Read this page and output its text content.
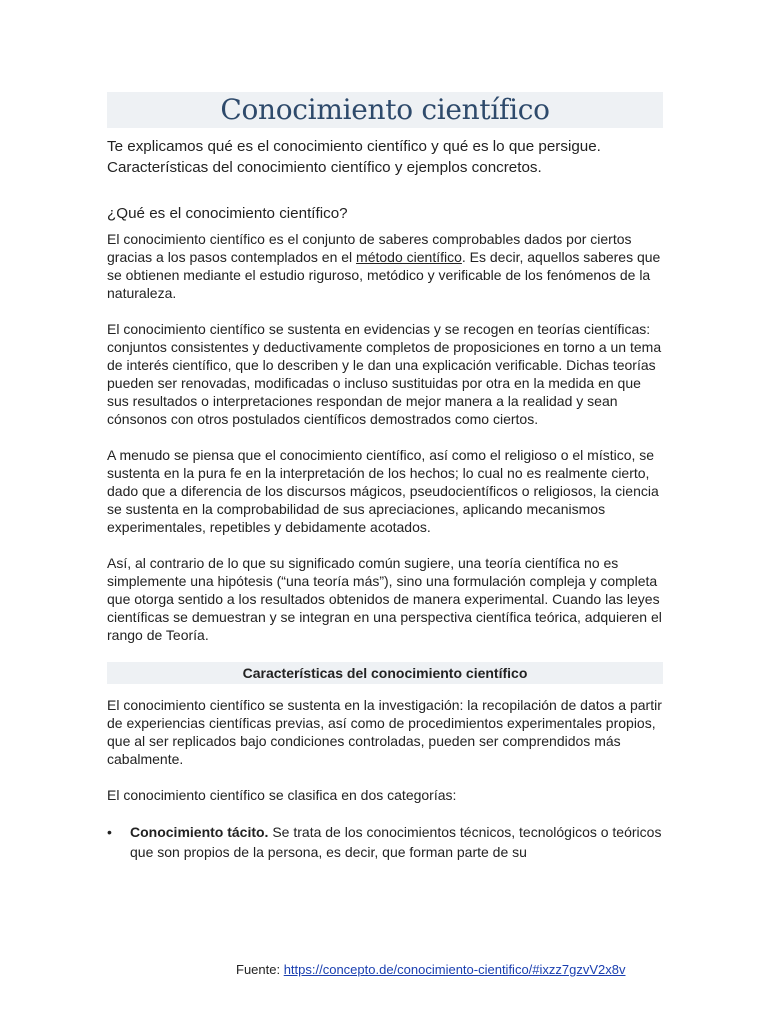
Conocimiento científico

Te explicamos qué es el conocimiento científico y qué es lo que persigue. Características del conocimiento científico y ejemplos concretos.

¿Qué es el conocimiento científico?

El conocimiento científico es el conjunto de saberes comprobables dados por ciertos gracias a los pasos contemplados en el método científico. Es decir, aquellos saberes que se obtienen mediante el estudio riguroso, metódico y verificable de los fenómenos de la naturaleza.

El conocimiento científico se sustenta en evidencias y se recogen en teorías científicas: conjuntos consistentes y deductivamente completos de proposiciones en torno a un tema de interés científico, que lo describen y le dan una explicación verificable. Dichas teorías pueden ser renovadas, modificadas o incluso sustituidas por otra en la medida en que sus resultados o interpretaciones respondan de mejor manera a la realidad y sean cónsonos con otros postulados científicos demostrados como ciertos.

A menudo se piensa que el conocimiento científico, así como el religioso o el místico, se sustenta en la pura fe en la interpretación de los hechos; lo cual no es realmente cierto, dado que a diferencia de los discursos mágicos, pseudocientíficos o religiosos, la ciencia se sustenta en la comprobabilidad de sus apreciaciones, aplicando mecanismos experimentales, repetibles y debidamente acotados.

Así, al contrario de lo que su significado común sugiere, una teoría científica no es simplemente una hipótesis (“una teoría más”), sino una formulación compleja y completa que otorga sentido a los resultados obtenidos de manera experimental. Cuando las leyes científicas se demuestran y se integran en una perspectiva científica teórica, adquieren el rango de Teoría.

Características del conocimiento científico

El conocimiento científico se sustenta en la investigación: la recopilación de datos a partir de experiencias científicas previas, así como de procedimientos experimentales propios, que al ser replicados bajo condiciones controladas, pueden ser comprendidos más cabalmente.

El conocimiento científico se clasifica en dos categorías:

• Conocimiento tácito. Se trata de los conocimientos técnicos, tecnológicos o teóricos que son propios de la persona, es decir, que forman parte de su
Fuente: https://concepto.de/conocimiento-cientifico/#ixzz7gzvV2x8v
